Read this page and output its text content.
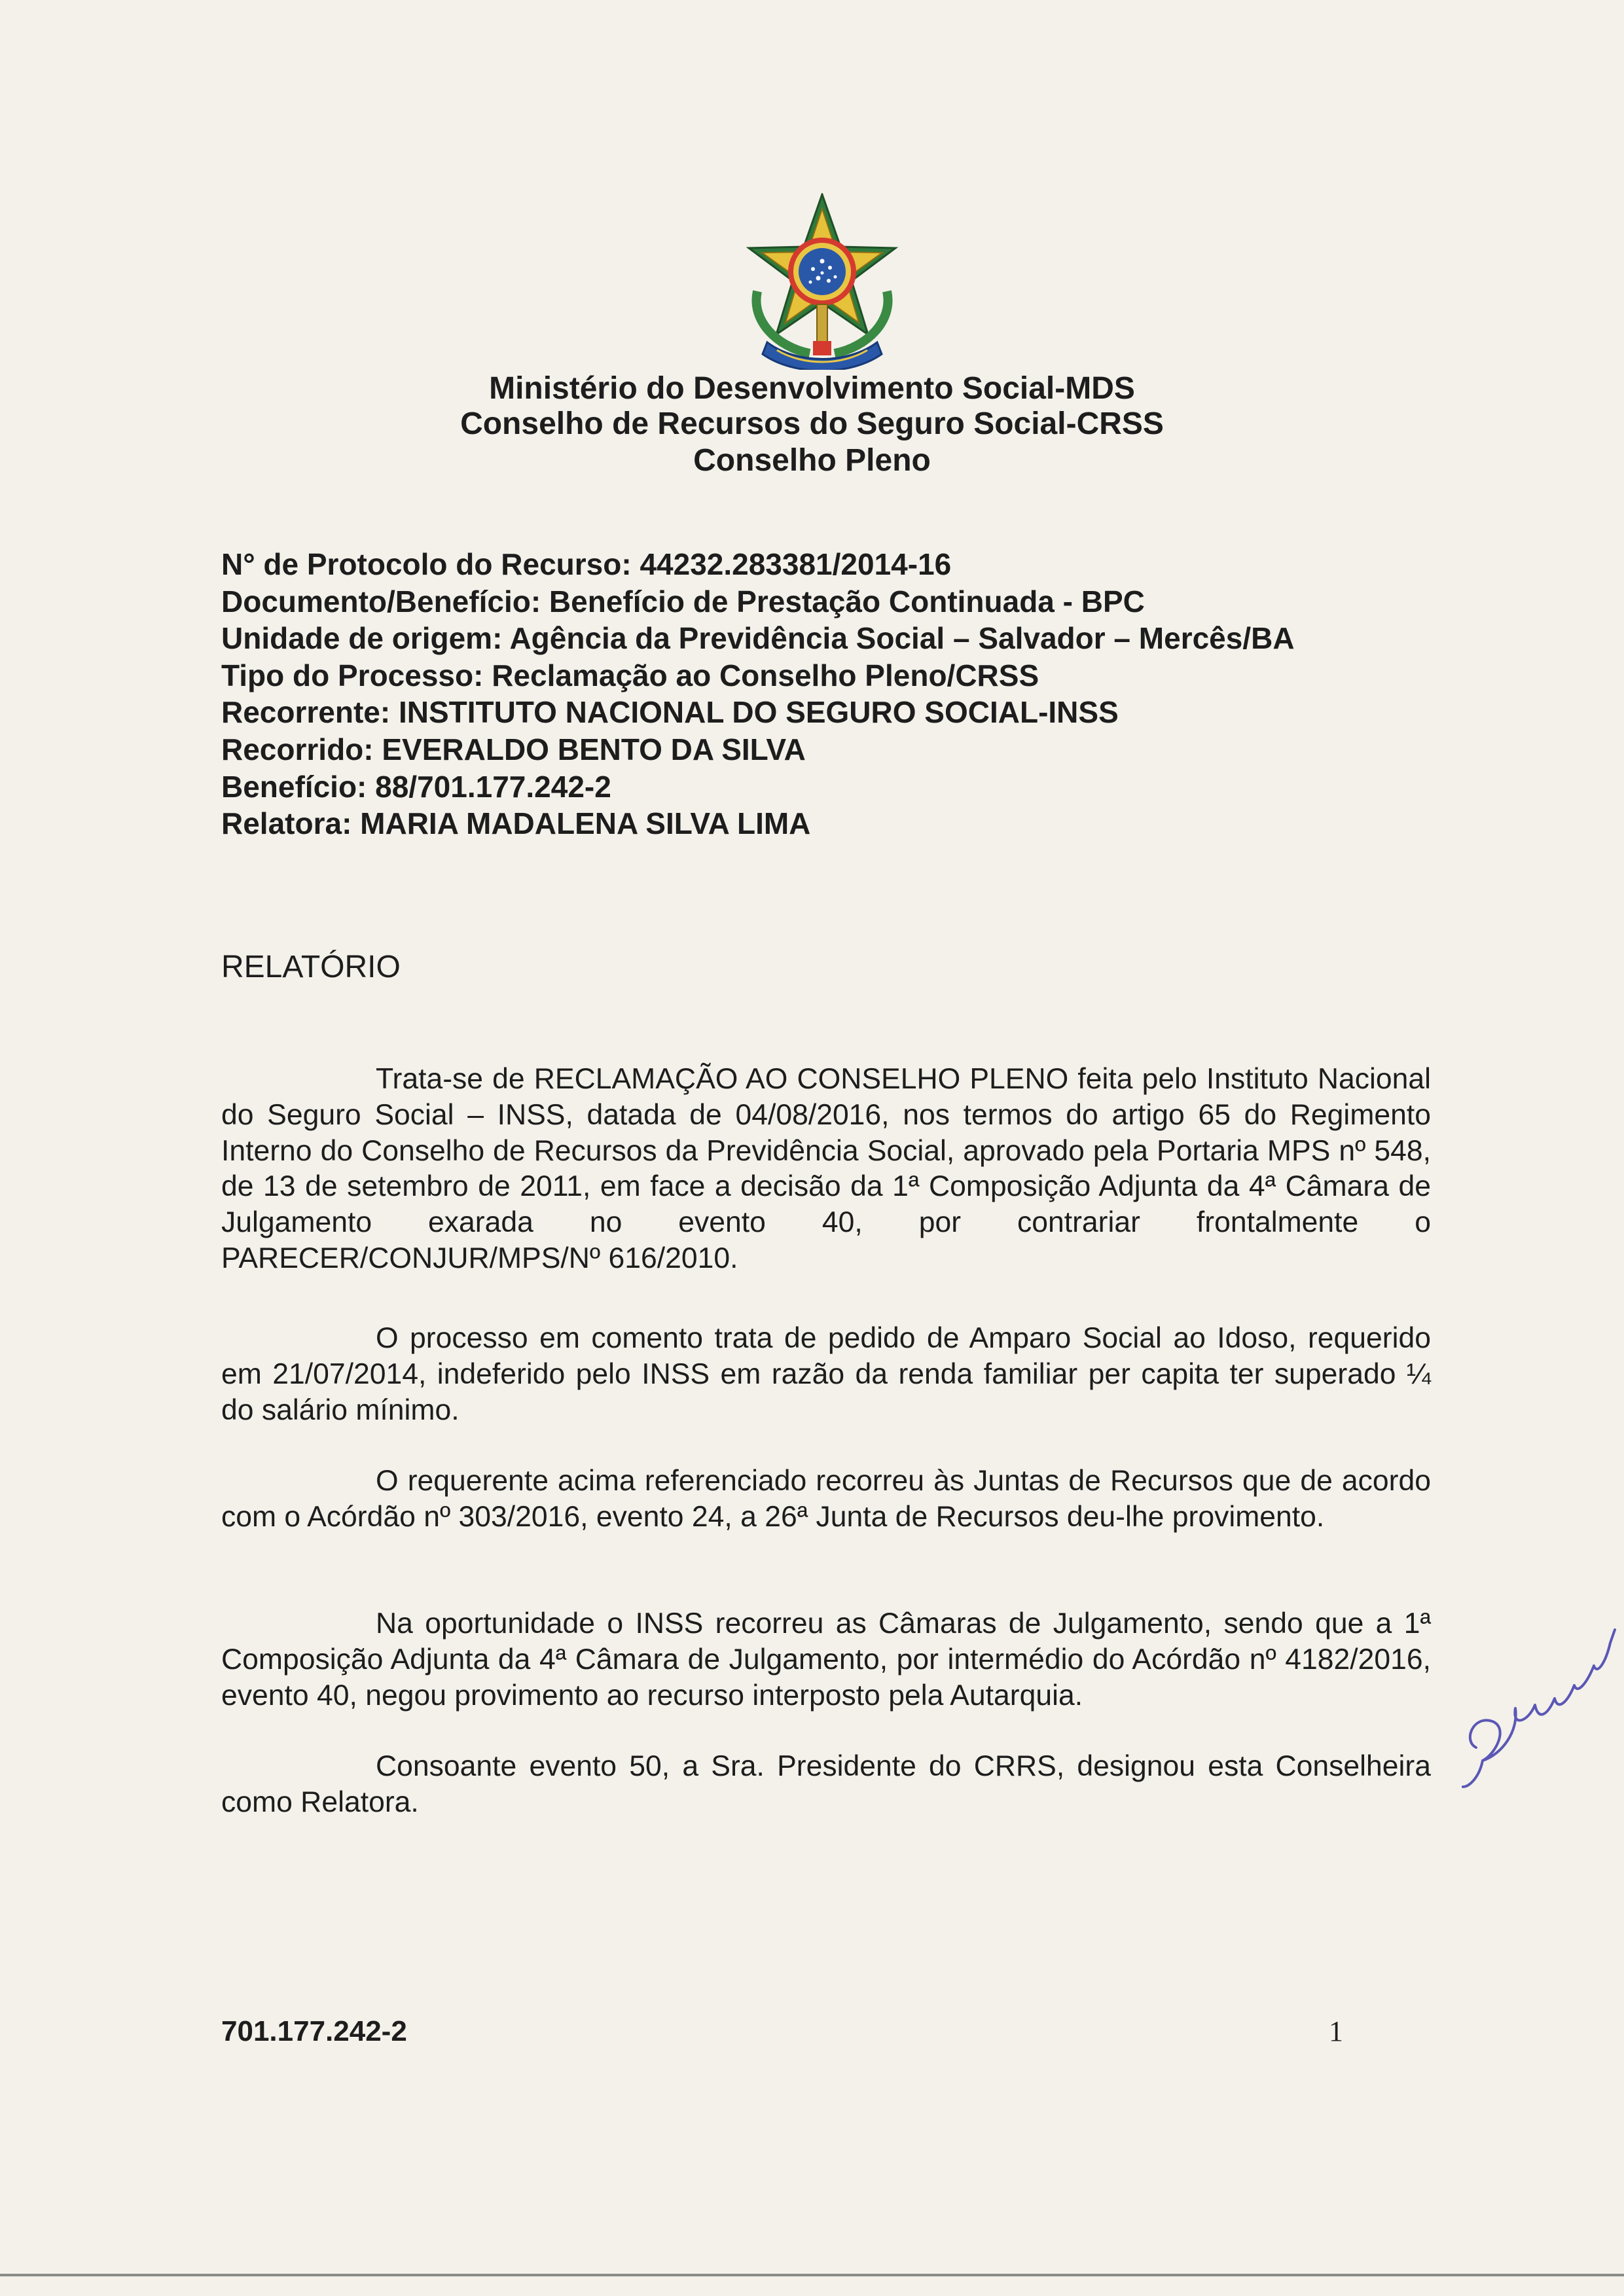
Ministério do Desenvolvimento Social-MDS
Conselho de Recursos do Seguro Social-CRSS
Conselho Pleno
N° de Protocolo do Recurso: 44232.283381/2014-16
Documento/Benefício: Benefício de Prestação Continuada - BPC
Unidade de origem: Agência da Previdência Social – Salvador – Mercês/BA
Tipo do Processo: Reclamação ao Conselho Pleno/CRSS
Recorrente: INSTITUTO NACIONAL DO SEGURO SOCIAL-INSS
Recorrido: EVERALDO BENTO DA SILVA
Benefício: 88/701.177.242-2
Relatora: MARIA MADALENA SILVA LIMA
RELATÓRIO
Trata-se de RECLAMAÇÃO AO CONSELHO PLENO feita pelo Instituto Nacional do Seguro Social – INSS, datada de 04/08/2016, nos termos do artigo 65 do Regimento Interno do Conselho de Recursos da Previdência Social, aprovado pela Portaria MPS nº 548, de 13 de setembro de 2011, em face a decisão da 1ª Composição Adjunta da 4ª Câmara de Julgamento exarada no evento 40, por contrariar frontalmente o PARECER/CONJUR/MPS/Nº 616/2010.
O processo em comento trata de pedido de Amparo Social ao Idoso, requerido em 21/07/2014, indeferido pelo INSS em razão da renda familiar per capita ter superado ¼ do salário mínimo.
O requerente acima referenciado recorreu às Juntas de Recursos que de acordo com o Acórdão nº 303/2016, evento 24, a 26ª Junta de Recursos deu-lhe provimento.
Na oportunidade o INSS recorreu as Câmaras de Julgamento, sendo que a 1ª Composição Adjunta da 4ª Câmara de Julgamento, por intermédio do Acórdão nº 4182/2016, evento 40, negou provimento ao recurso interposto pela Autarquia.
Consoante evento 50, a Sra. Presidente do CRRS, designou esta Conselheira como Relatora.
701.177.242-2	1
